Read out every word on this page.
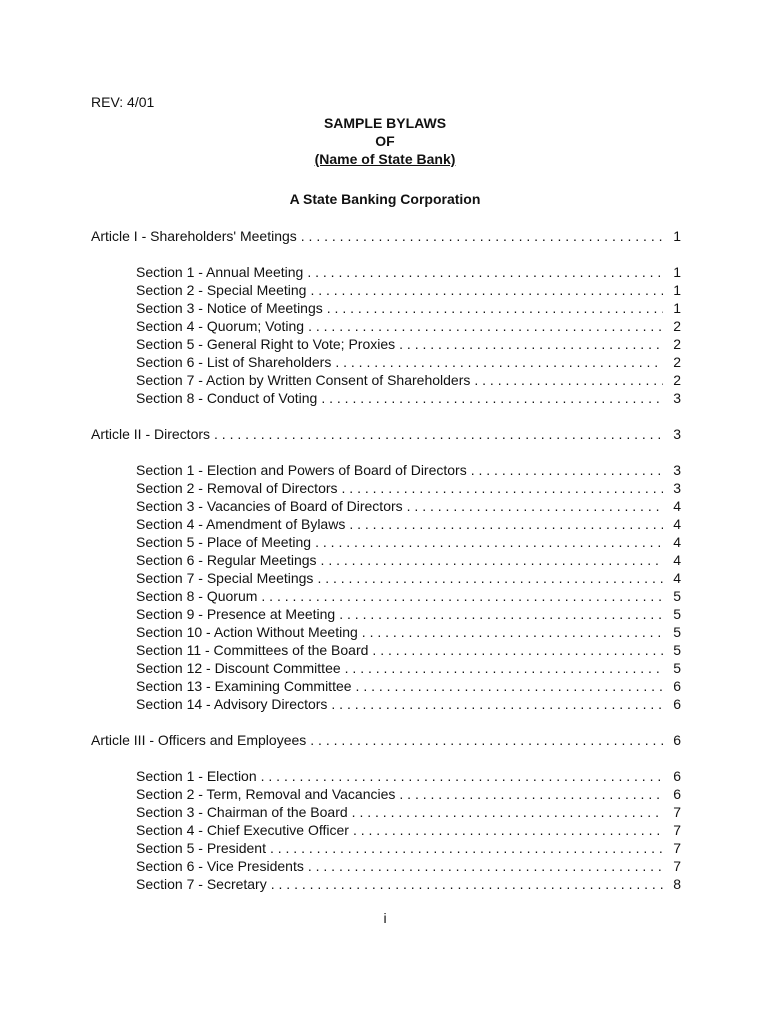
REV: 4/01
SAMPLE BYLAWS
OF
(Name of State Bank)
A State Banking Corporation
Article I - Shareholders' Meetings . . .	1
Section 1 - Annual Meeting . . .	1
Section 2 - Special Meeting . . .	1
Section 3 - Notice of Meetings . . .	1
Section 4 - Quorum; Voting . . .	2
Section 5 - General Right to Vote; Proxies . . .	2
Section 6 - List of Shareholders . . .	2
Section 7 - Action by Written Consent of Shareholders . . .	2
Section 8 - Conduct of Voting . . .	3
Article II - Directors . . .	3
Section 1 - Election and Powers of Board of Directors . . .	3
Section 2 - Removal of Directors . . .	3
Section 3 - Vacancies of Board of Directors . . .	4
Section 4 - Amendment of Bylaws . . .	4
Section 5 - Place of Meeting . . .	4
Section 6 - Regular Meetings . . .	4
Section 7 - Special Meetings . . .	4
Section 8 - Quorum . . .	5
Section 9 - Presence at Meeting . . .	5
Section 10 - Action Without Meeting . . .	5
Section 11 - Committees of the Board . . .	5
Section 12 - Discount Committee . . .	5
Section 13 - Examining Committee . . .	6
Section 14 - Advisory Directors . . .	6
Article III - Officers and Employees . . .	6
Section 1 - Election . . .	6
Section 2 - Term, Removal and Vacancies . . .	6
Section 3 - Chairman of the Board . . .	7
Section 4 - Chief Executive Officer . . .	7
Section 5 - President . . .	7
Section 6 - Vice Presidents . . .	7
Section 7 - Secretary . . .	8
i
